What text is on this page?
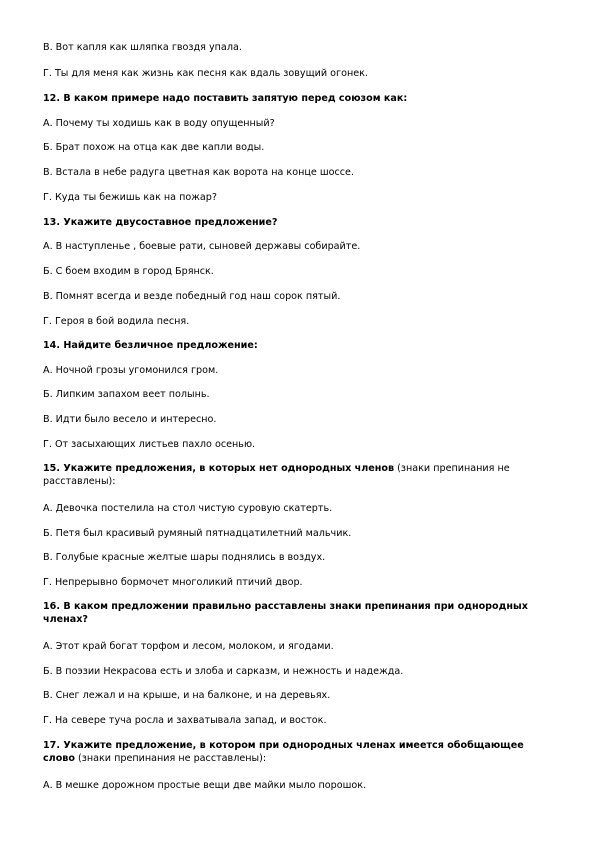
В. Вот капля как шляпка гвоздя упала.
Г. Ты для меня как жизнь как песня как вдаль зовущий огонек.
12. В каком примере надо поставить запятую перед союзом как:
А. Почему ты ходишь как в воду опущенный?
Б. Брат похож на отца как две капли воды.
В. Встала в небе радуга цветная как ворота на конце шоссе.
Г. Куда ты бежишь как на пожар?
13. Укажите двусоставное предложение?
А. В наступленье , боевые рати, сыновей державы собирайте.
Б. С боем входим в город Брянск.
В. Помнят всегда и везде победный год наш сорок пятый.
Г. Героя в бой водила песня.
14. Найдите безличное предложение:
А. Ночной грозы угомонился гром.
Б. Липким запахом веет полынь.
В. Идти было весело и интересно.
Г. От засыхающих листьев пахло осенью.
15. Укажите предложения, в которых нет однородных членов (знаки препинания не расставлены):
А. Девочка постелила на стол чистую суровую скатерть.
Б. Петя был красивый румяный пятнадцатилетний мальчик.
В. Голубые красные желтые шары поднялись в воздух.
Г. Непрерывно бормочет многоликий птичий двор.
16. В каком предложении правильно расставлены знаки препинания при однородных членах?
А. Этот край богат торфом и лесом, молоком, и ягодами.
Б. В поэзии Некрасова есть и злоба и сарказм, и нежность и надежда.
В. Снег лежал и на крыше, и на балконе, и на деревьях.
Г. На севере туча росла и захватывала запад, и восток.
17. Укажите предложение, в котором при однородных членах имеется обобщающее слово (знаки препинания не расставлены):
А. В мешке дорожном простые вещи две майки мыло порошок.
